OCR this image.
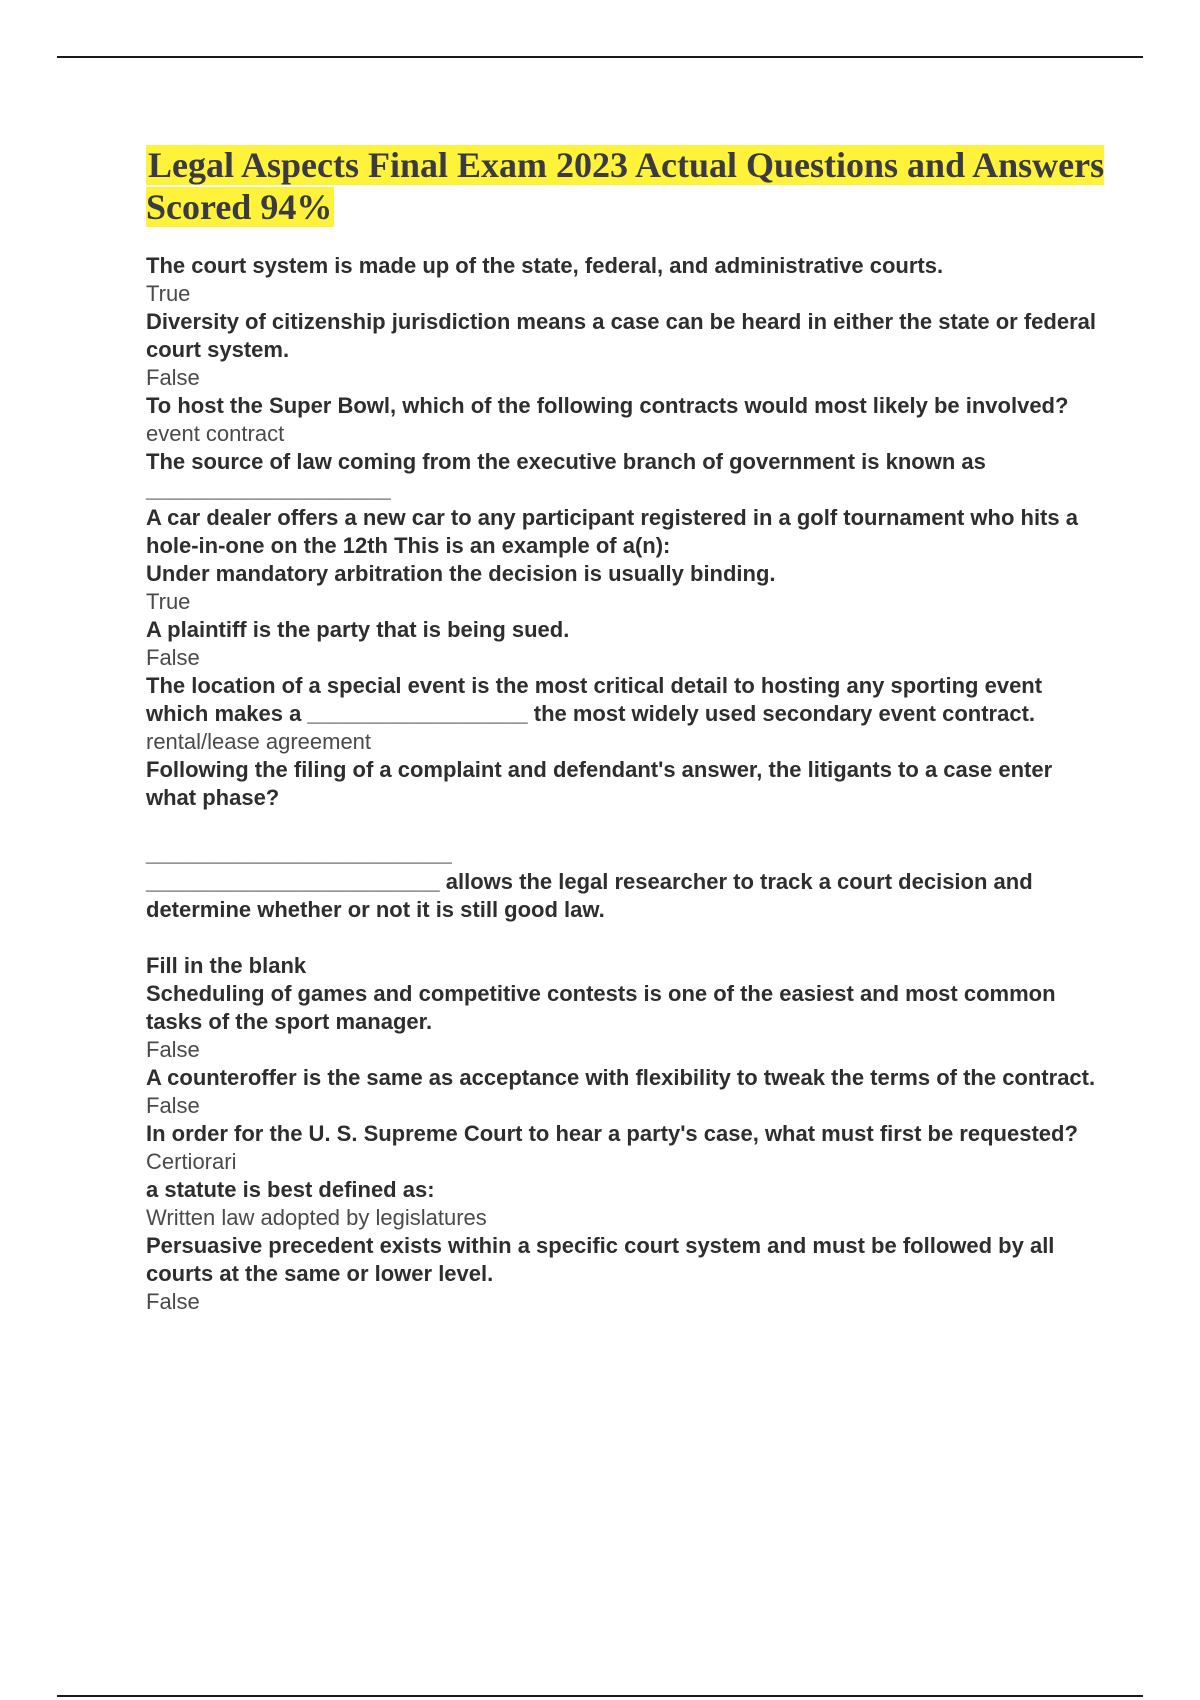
Legal Aspects Final Exam 2023 Actual Questions and Answers Scored 94%

The court system is made up of the state, federal, and administrative courts.

True

Diversity of citizenship jurisdiction means a case can be heard in either the state or federal court system.

False

To host the Super Bowl, which of the following contracts would most likely be involved?

event contract

The source of law coming from the executive branch of government is known as ____________________

A car dealer offers a new car to any participant registered in a golf tournament who hits a hole-in-one on the 12th This is an example of a(n):

Under mandatory arbitration the decision is usually binding.

True

A plaintiff is the party that is being sued.

False

The location of a special event is the most critical detail to hosting any sporting event which makes a __________________ the most widely used secondary event contract.

rental/lease agreement

Following the filing of a complaint and defendant's answer, the litigants to a case enter what phase?

_________________________
________________________ allows the legal researcher to track a court decision and determine whether or not it is still good law.

Fill in the blank

Scheduling of games and competitive contests is one of the easiest and most common tasks of the sport manager.

False

A counteroffer is the same as acceptance with flexibility to tweak the terms of the contract.

False

In order for the U. S. Supreme Court to hear a party's case, what must first be requested?

Certiorari

a statute is best defined as:

Written law adopted by legislatures

Persuasive precedent exists within a specific court system and must be followed by all courts at the same or lower level.

False
